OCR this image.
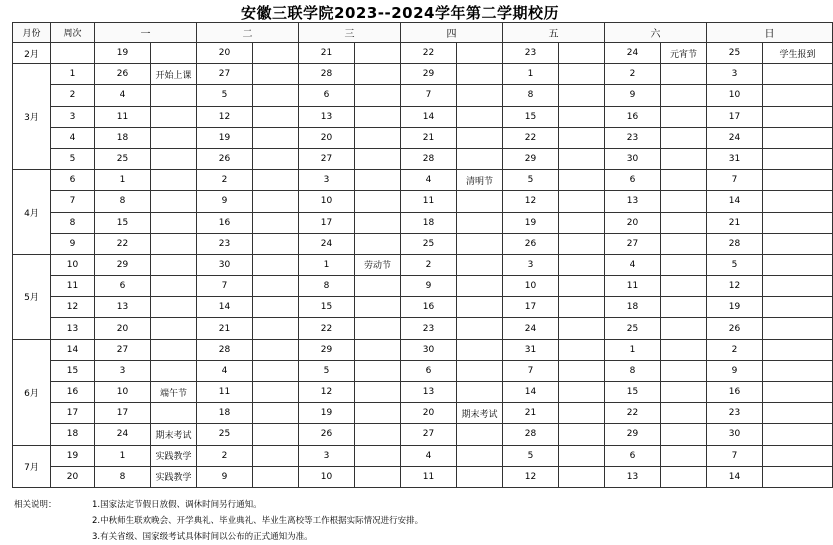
安徽三联学院2023--2024学年第二学期校历
月份	周次	一		二		三		四		五		六		日	
2月		19		20		21		22		23		24	元宵节	25	学生报到
3月	1	26	开始上课	27		28		29		1		2		3	
	2	4		5		6		7		8		9		10	
	3	11		12		13		14		15		16		17	
	4	18		19		20		21		22		23		24	
	5	25		26		27		28		29		30		31	
4月	6	1		2		3		4	清明节	5		6		7	
	7	8		9		10		11		12		13		14	
	8	15		16		17		18		19		20		21	
	9	22		23		24		25		26		27		28	
5月	10	29		30		1	劳动节	2		3		4		5	
	11	6		7		8		9		10		11		12	
	12	13		14		15		16		17		18		19	
	13	20		21		22		23		24		25		26	
6月	14	27		28		29		30		31		1		2	
	15	3		4		5		6		7		8		9	
	16	10	端午节	11		12		13		14		15		16	
	17	17		18		19		20	期末考试	21		22		23	
	18	24	期末考试	25		26		27		28		29		30	
7月	19	1	实践教学	2		3		4		5		6		7	
	20	8	实践教学	9		10		11		12		13		14	
相关说明：	1.国家法定节假日放假、调休时间另行通知。
2.中秋师生联欢晚会、开学典礼、毕业典礼、毕业生离校等工作根据实际情况进行安排。
3.有关省级、国家级考试具体时间以公布的正式通知为准。
